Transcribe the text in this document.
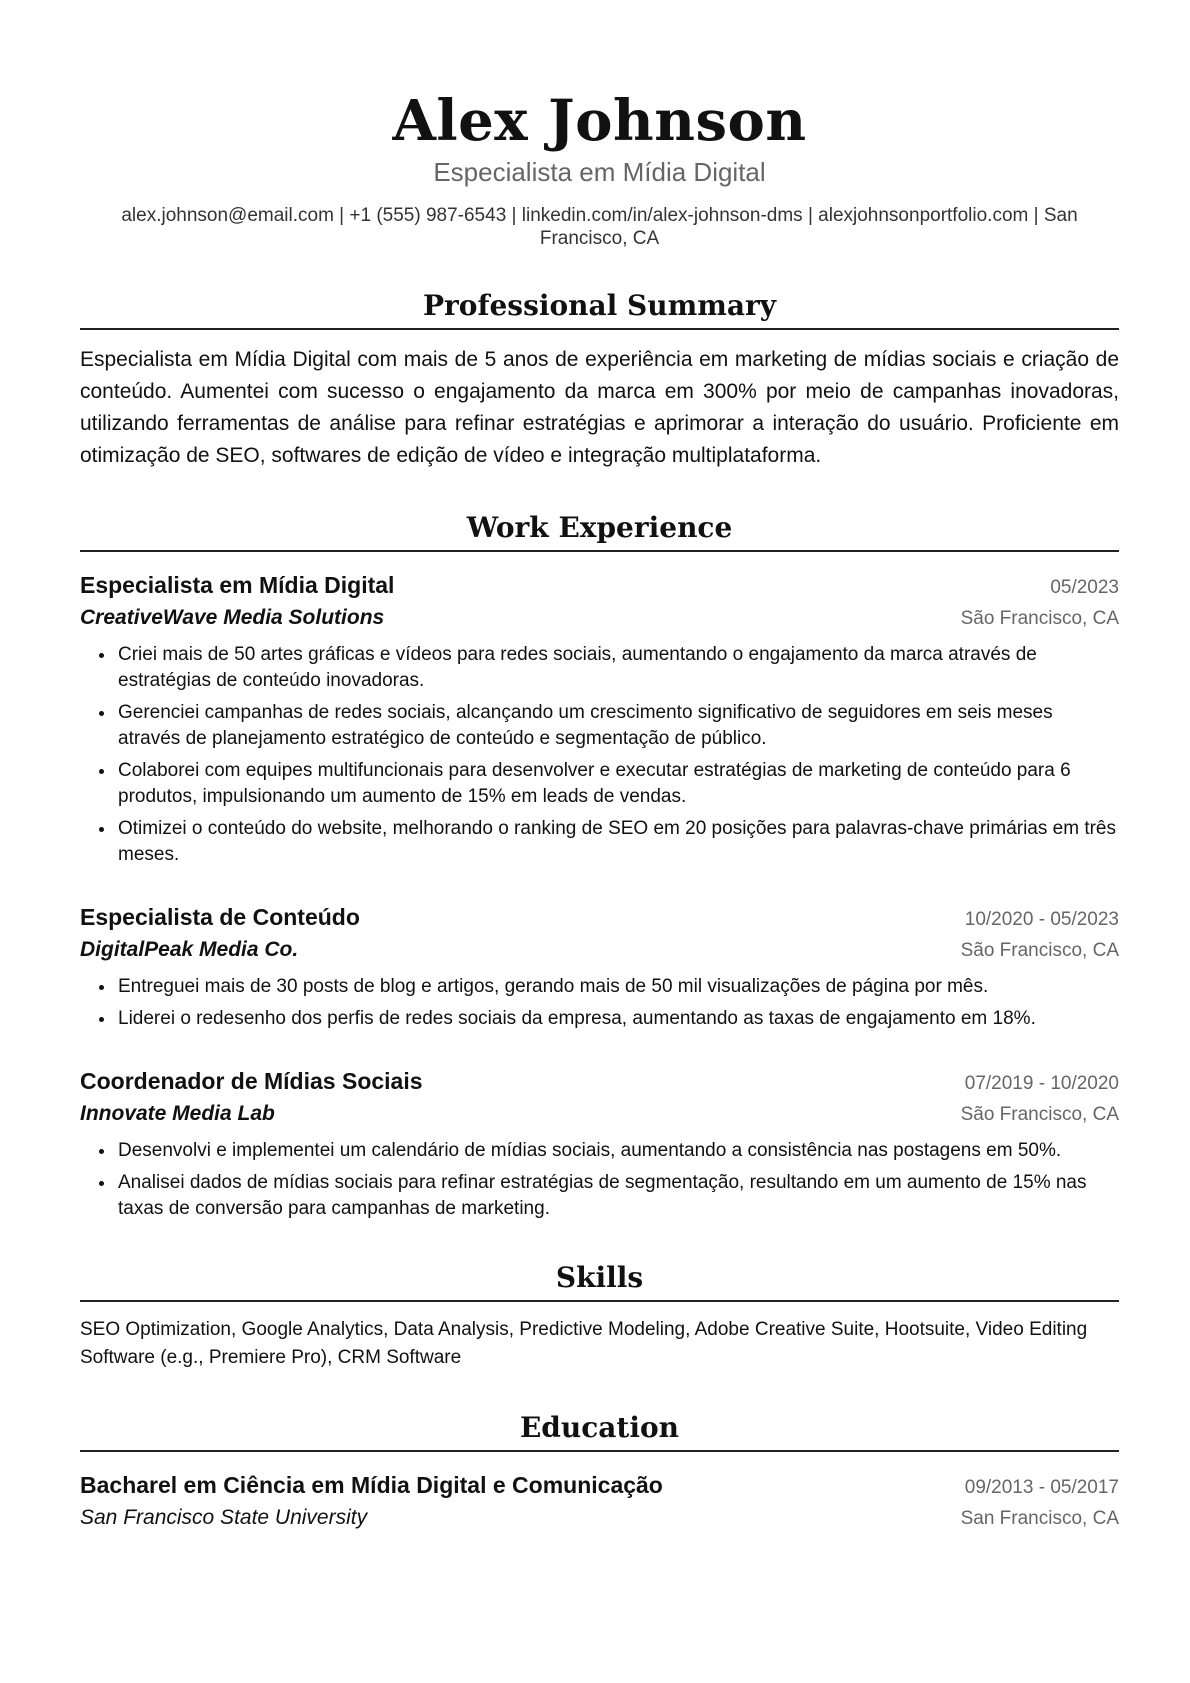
Alex Johnson
Especialista em Mídia Digital
alex.johnson@email.com | +1 (555) 987-6543 | linkedin.com/in/alex-johnson-dms | alexjohnsonportfolio.com | San Francisco, CA
Professional Summary
Especialista em Mídia Digital com mais de 5 anos de experiência em marketing de mídias sociais e criação de conteúdo. Aumentei com sucesso o engajamento da marca em 300% por meio de campanhas inovadoras, utilizando ferramentas de análise para refinar estratégias e aprimorar a interação do usuário. Proficiente em otimização de SEO, softwares de edição de vídeo e integração multiplataforma.
Work Experience
Especialista em Mídia Digital	05/2023
CreativeWave Media Solutions	São Francisco, CA
• Criei mais de 50 artes gráficas e vídeos para redes sociais, aumentando o engajamento da marca através de estratégias de conteúdo inovadoras.
• Gerenciei campanhas de redes sociais, alcançando um crescimento significativo de seguidores em seis meses através de planejamento estratégico de conteúdo e segmentação de público.
• Colaborei com equipes multifuncionais para desenvolver e executar estratégias de marketing de conteúdo para 6 produtos, impulsionando um aumento de 15% em leads de vendas.
• Otimizei o conteúdo do website, melhorando o ranking de SEO em 20 posições para palavras-chave primárias em três meses.
Especialista de Conteúdo	10/2020 - 05/2023
DigitalPeak Media Co.	São Francisco, CA
• Entreguei mais de 30 posts de blog e artigos, gerando mais de 50 mil visualizações de página por mês.
• Liderei o redesenho dos perfis de redes sociais da empresa, aumentando as taxas de engajamento em 18%.
Coordenador de Mídias Sociais	07/2019 - 10/2020
Innovate Media Lab	São Francisco, CA
• Desenvolvi e implementei um calendário de mídias sociais, aumentando a consistência nas postagens em 50%.
• Analisei dados de mídias sociais para refinar estratégias de segmentação, resultando em um aumento de 15% nas taxas de conversão para campanhas de marketing.
Skills
SEO Optimization, Google Analytics, Data Analysis, Predictive Modeling, Adobe Creative Suite, Hootsuite, Video Editing Software (e.g., Premiere Pro), CRM Software
Education
Bacharel em Ciência em Mídia Digital e Comunicação	09/2013 - 05/2017
San Francisco State University	San Francisco, CA
